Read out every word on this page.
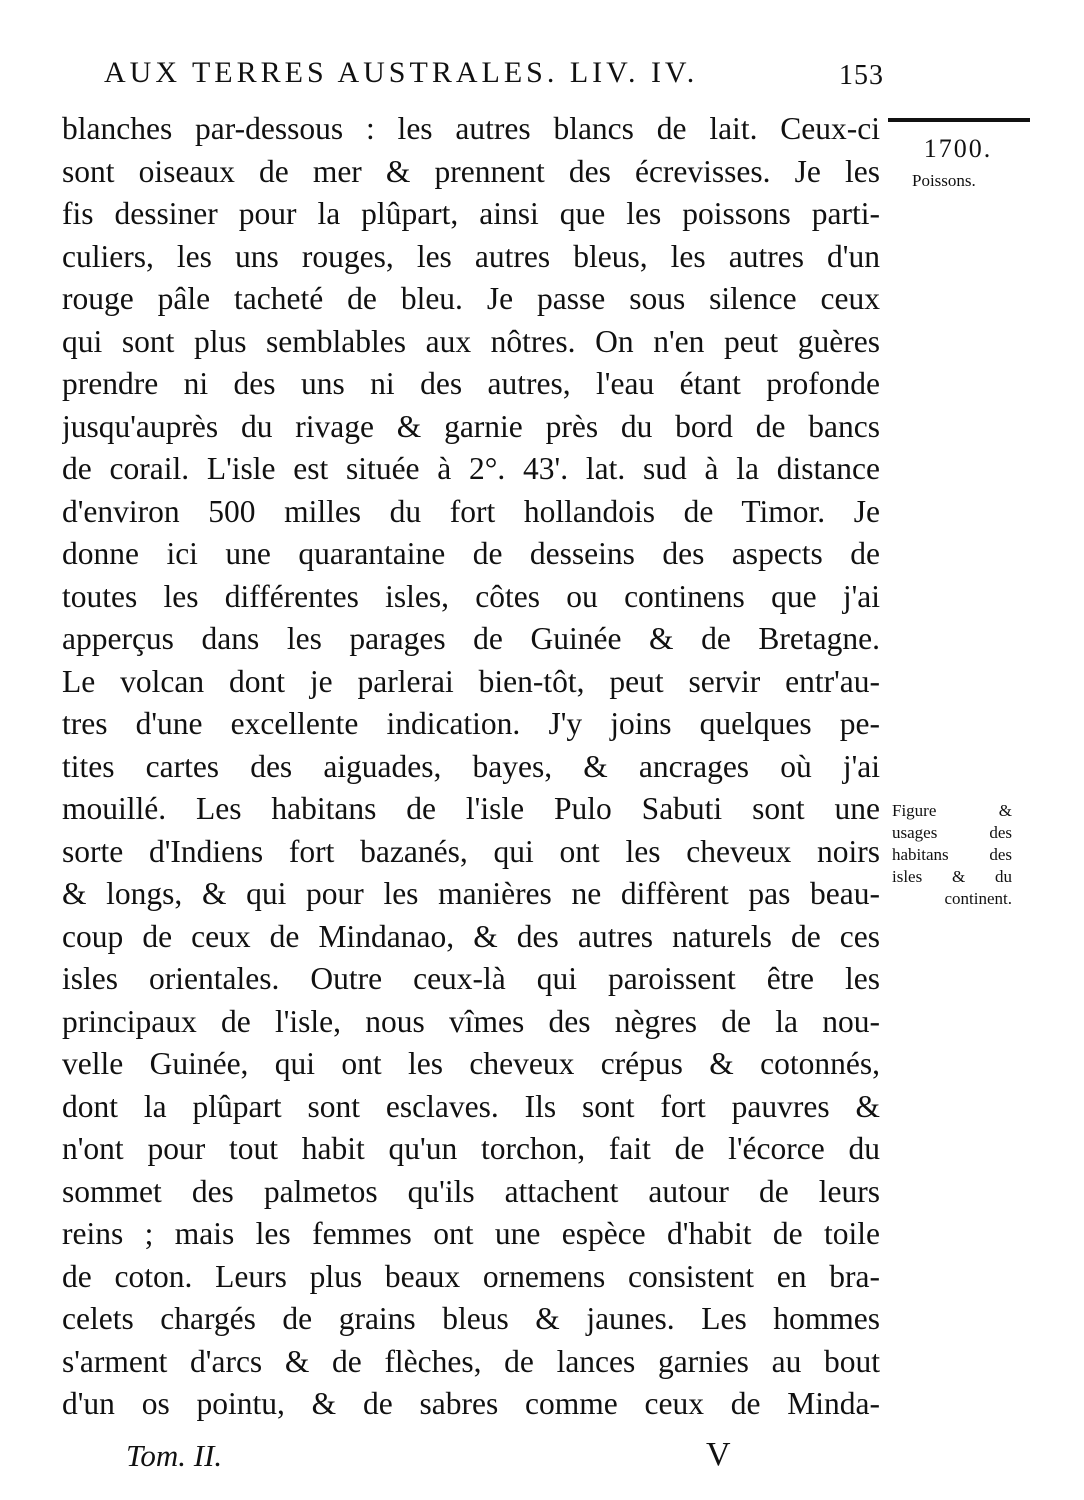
AUX TERRES AUSTRALES. LIV. IV.	153
1700.
Poissons.
Figure &
usages des
habitans des
isles & du
continent.
blanches par-dessous : les autres blancs de lait. Ceux-ci
sont oiseaux de mer & prennent des écrevisses. Je les
fis dessiner pour la plûpart, ainsi que les poissons parti-
culiers, les uns rouges, les autres bleus, les autres d'un
rouge pâle tacheté de bleu. Je passe sous silence ceux
qui sont plus semblables aux nôtres. On n'en peut guères
prendre ni des uns ni des autres, l'eau étant profonde
jusqu'auprès du rivage & garnie près du bord de bancs
de corail. L'isle est située à 2°. 43'. lat. sud à la distance
d'environ 500 milles du fort hollandois de Timor. Je
donne ici une quarantaine de desseins des aspects de
toutes les différentes isles, côtes ou continens que j'ai
apperçus dans les parages de Guinée & de Bretagne.
Le volcan dont je parlerai bien-tôt, peut servir entr'au-
tres d'une excellente indication. J'y joins quelques pe-
tites cartes des aiguades, bayes, & ancrages où j'ai
mouillé. Les habitans de l'isle Pulo Sabuti sont une
sorte d'Indiens fort bazanés, qui ont les cheveux noirs
& longs, & qui pour les manières ne diffèrent pas beau-
coup de ceux de Mindanao, & des autres naturels de ces
isles orientales. Outre ceux-là qui paroissent être les
principaux de l'isle, nous vîmes des nègres de la nou-
velle Guinée, qui ont les cheveux crépus & cotonnés,
dont la plûpart sont esclaves. Ils sont fort pauvres &
n'ont pour tout habit qu'un torchon, fait de l'écorce du
sommet des palmetos qu'ils attachent autour de leurs
reins ; mais les femmes ont une espèce d'habit de toile
de coton. Leurs plus beaux ornemens consistent en bra-
celets chargés de grains bleus & jaunes. Les hommes
s'arment d'arcs & de flèches, de lances garnies au bout
d'un os pointu, & de sabres comme ceux de Minda-
Tom. II.	V
